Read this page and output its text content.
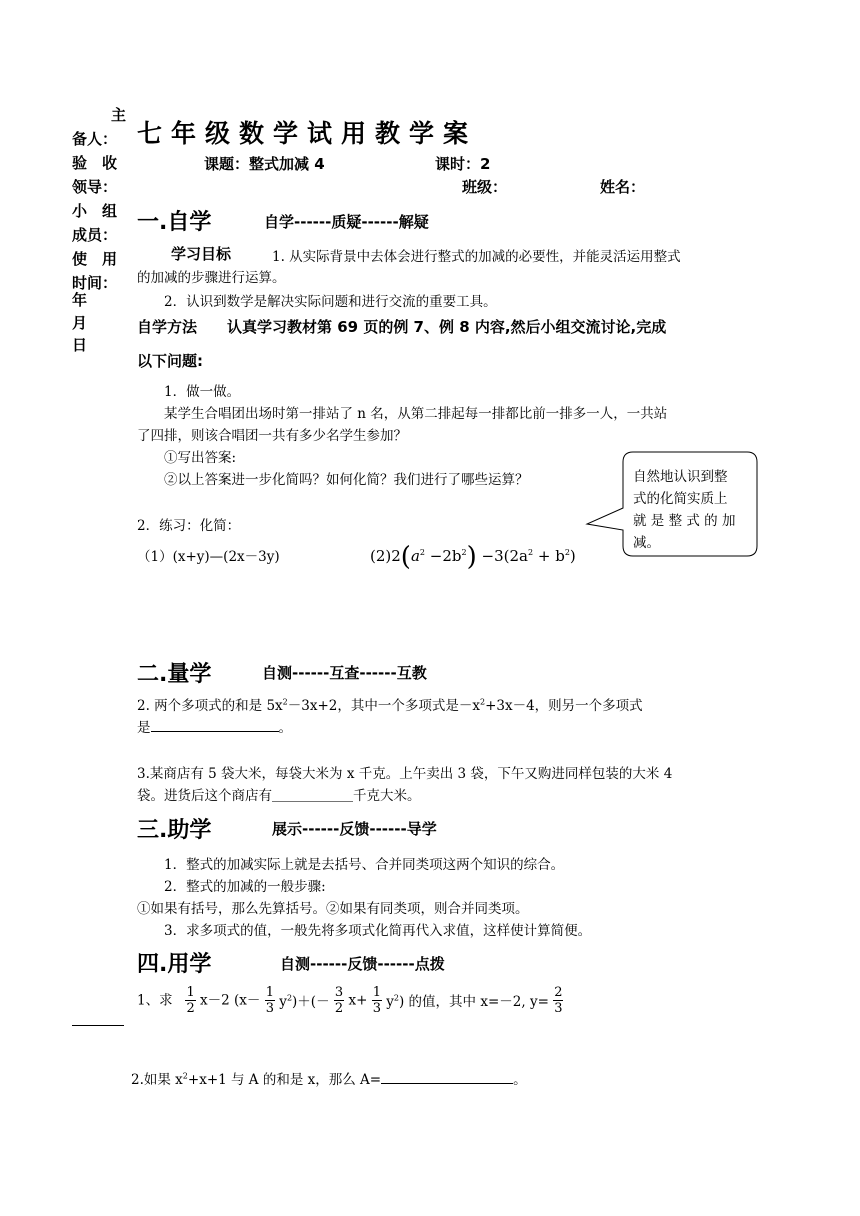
主
备人：
验　收
领导：
小　组
成员：
使　用
时间：
年
月
日
七年级数学试用教学案
课题：整式加减 4	课时：2
班级：	姓名：
一.自学	自学------质疑------解疑
学习目标	1. 从实际背景中去体会进行整式的加减的必要性，并能灵活运用整式
的加减的步骤进行运算。
2．认识到数学是解决实际问题和进行交流的重要工具。
自学方法　　认真学习教材第 69 页的例 7、例 8 内容,然后小组交流讨论,完成
以下问题:
1．做一做。
某学生合唱团出场时第一排站了 n 名，从第二排起每一排都比前一排多一人，一共站
了四排，则该合唱团一共有多少名学生参加？
①写出答案:
②以上答案进一步化简吗？如何化简？我们进行了哪些运算？	自然地认识到整
式的化简实质上
就 是 整 式 的 加
减。
2．练习：化简：
（1）(x+y)—(2x－3y)	$(2)2(a^2 -2b^2) -3(2a^2 + b^2)$
二.量学	自测------互查------互教
2. 两个多项式的和是 $5x^2-3x+2$，其中一个多项式是$-x^2+3x-4$，则另一个多项式
是	。
3.某商店有 5 袋大米，每袋大米为 x 千克。上午卖出 3 袋，下午又购进同样包装的大米 4
袋。进货后这个商店有＿＿＿＿＿＿千克大米。
三.助学	展示------反馈------导学
1．整式的加减实际上就是去括号、合并同类项这两个知识的综合。
2．整式的加减的一般步骤:
①如果有括号，那么先算括号。②如果有同类项，则合并同类项。
3．求多项式的值，一般先将多项式化简再代入求值，这样使计算简便。
四.用学	自测------反馈------点拨
1、求 $\frac{1}{2} x-2$ $(x- \frac{1}{3} y^2)+(- \frac{3}{2} x+ \frac{1}{3} y^2)$ 的值，其中 x=－2, $y= \frac{2}{3}$
2.如果 $x^2+x+1$ 与 A 的和是 x，那么 A=	。
